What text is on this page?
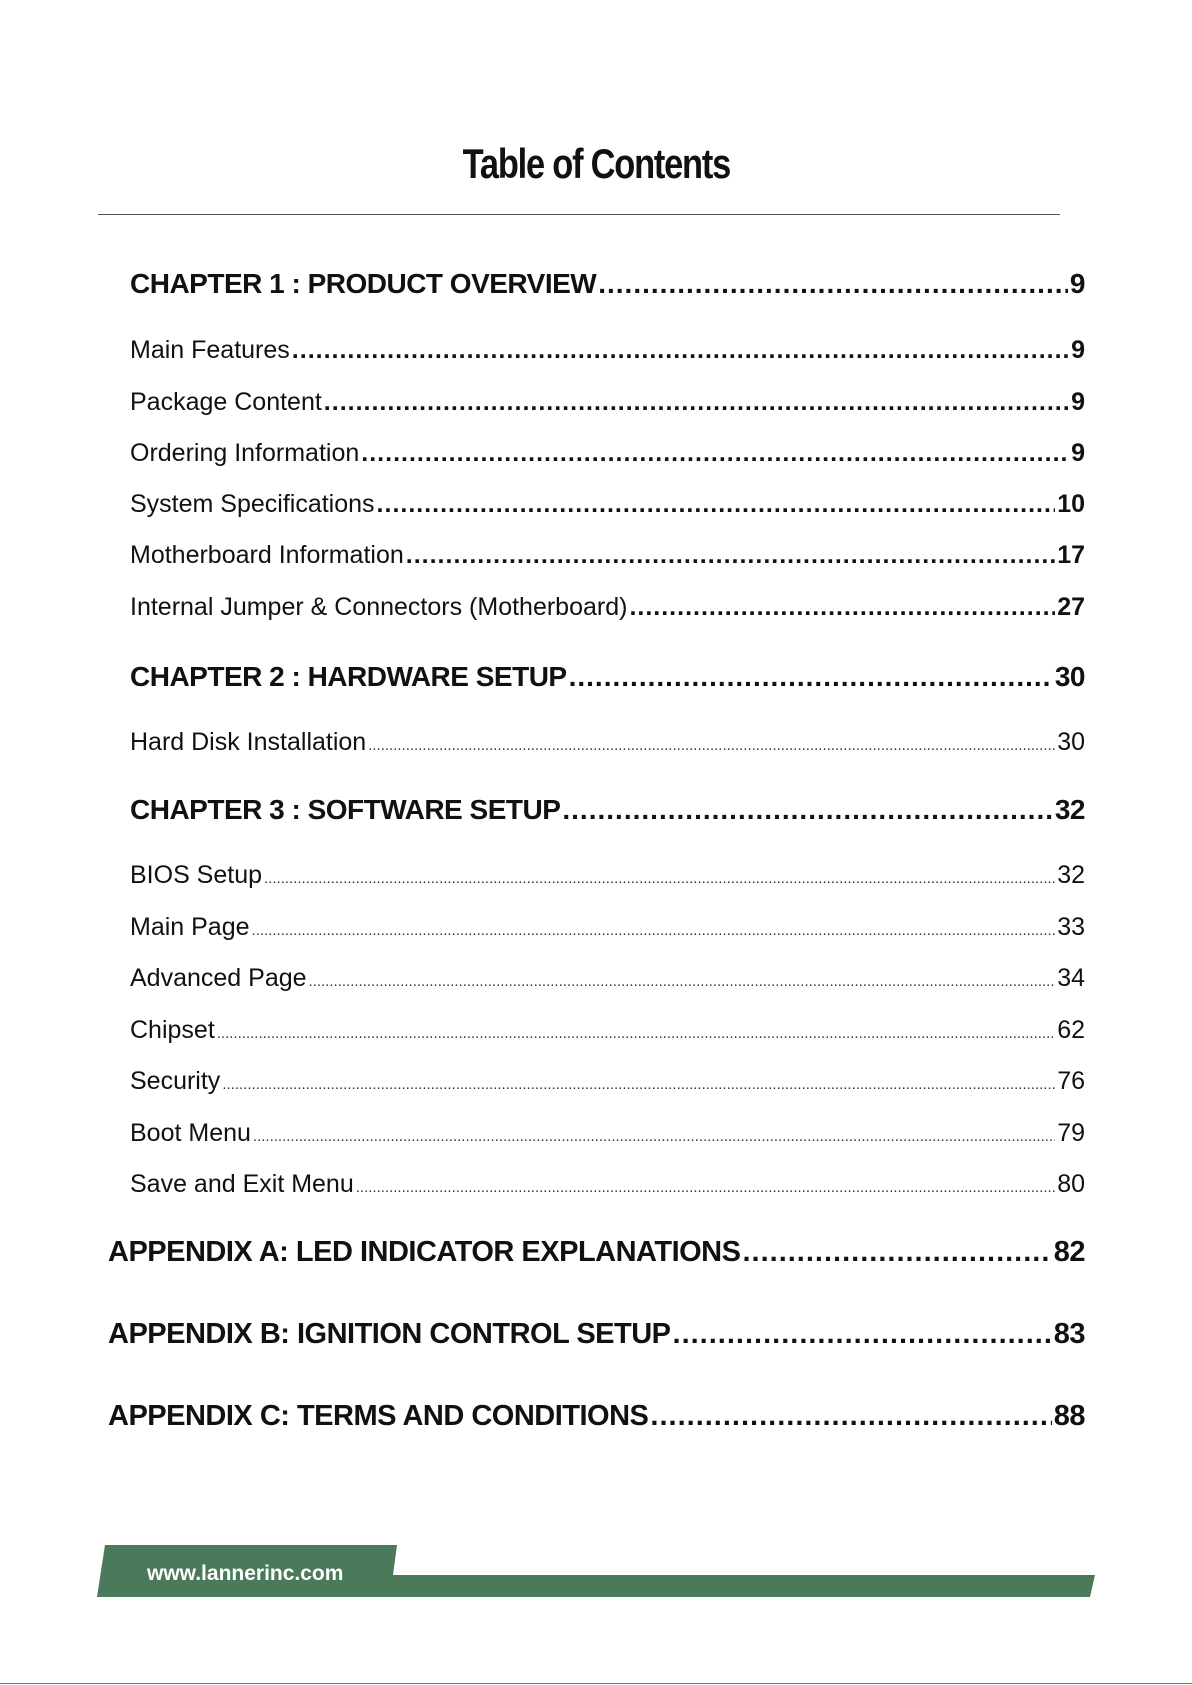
Table of Contents
CHAPTER 1 : PRODUCT OVERVIEW .....	9
Main Features .....	9
Package Content .....	9
Ordering Information .....	9
System Specifications .....	10
Motherboard Information .....	17
Internal Jumper & Connectors (Motherboard) .....	27
CHAPTER 2 : HARDWARE SETUP .....	30
Hard Disk Installation .....	30
CHAPTER 3 : SOFTWARE SETUP .....	32
BIOS Setup .....	32
Main Page .....	33
Advanced Page .....	34
Chipset .....	62
Security .....	76
Boot Menu .....	79
Save and Exit Menu .....	80
APPENDIX A: LED INDICATOR EXPLANATIONS .....	82
APPENDIX B: IGNITION CONTROL SETUP .....	83
APPENDIX C: TERMS AND CONDITIONS .....	88
www.lannerinc.com
